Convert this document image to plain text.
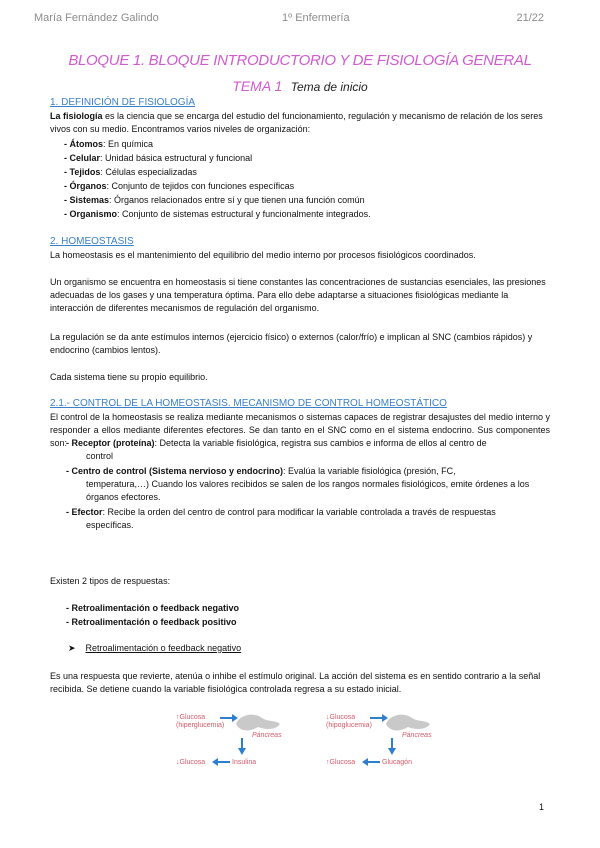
María Fernández Galindo	1º Enfermería	21/22
BLOQUE 1. BLOQUE INTRODUCTORIO Y DE FISIOLOGÍA GENERAL
TEMA 1 Tema de inicio
1. DEFINICIÓN DE FISIOLOGÍA
La fisiología es la ciencia que se encarga del estudio del funcionamiento, regulación y mecanismo de relación de los seres vivos con su medio. Encontramos varios niveles de organización:
- Átomos: En química
- Celular: Unidad básica estructural y funcional
- Tejidos: Células especializadas
- Órganos: Conjunto de tejidos con funciones específicas
- Sistemas: Órganos relacionados entre sí y que tienen una función común
- Organismo: Conjunto de sistemas estructural y funcionalmente integrados.
2. HOMEOSTASIS
La homeostasis es el mantenimiento del equilibrio del medio interno por procesos fisiológicos coordinados.
Un organismo se encuentra en homeostasis si tiene constantes las concentraciones de sustancias esenciales, las presiones adecuadas de los gases y una temperatura óptima. Para ello debe adaptarse a situaciones fisiológicas mediante la interacción de diferentes mecanismos de regulación del organismo.
La regulación se da ante estímulos internos (ejercicio físico) o externos (calor/frío) e implican al SNC (cambios rápidos) y endocrino (cambios lentos).
Cada sistema tiene su propio equilibrio.
2.1.- CONTROL DE LA HOMEOSTASIS. MECANISMO DE CONTROL HOMEOSTÁTICO
El control de la homeostasis se realiza mediante mecanismos o sistemas capaces de registrar desajustes del medio interno y responder a ellos mediante diferentes efectores. Se dan tanto en el SNC como en el sistema endocrino. Sus componentes son:
- Receptor (proteína): Detecta la variable fisiológica, registra sus cambios e informa de ellos al centro de
control
- Centro de control (Sistema nervioso y endocrino): Evalúa la variable fisiológica (presión, FC,
temperatura,…) Cuando los valores recibidos se salen de los rangos normales fisiológicos, emite órdenes a los órganos efectores.
- Efector: Recibe la orden del centro de control para modificar la variable controlada a través de respuestas
específicas.
Existen 2 tipos de respuestas:
- Retroalimentación o feedback negativo
- Retroalimentación o feedback positivo
➤ Retroalimentación o feedback negativo
Es una respuesta que revierte, atenúa o inhibe el estímulo original. La acción del sistema es en sentido contrario a la señal recibida. Se detiene cuando la variable fisiológica controlada regresa a su estado inicial.
↑Glucosa
(hiperglucemia)
Páncreas
↓Glucosa	Insulina
↓Glucosa
(hipoglucemia)
Páncreas
↑Glucosa	Glucagón
1
